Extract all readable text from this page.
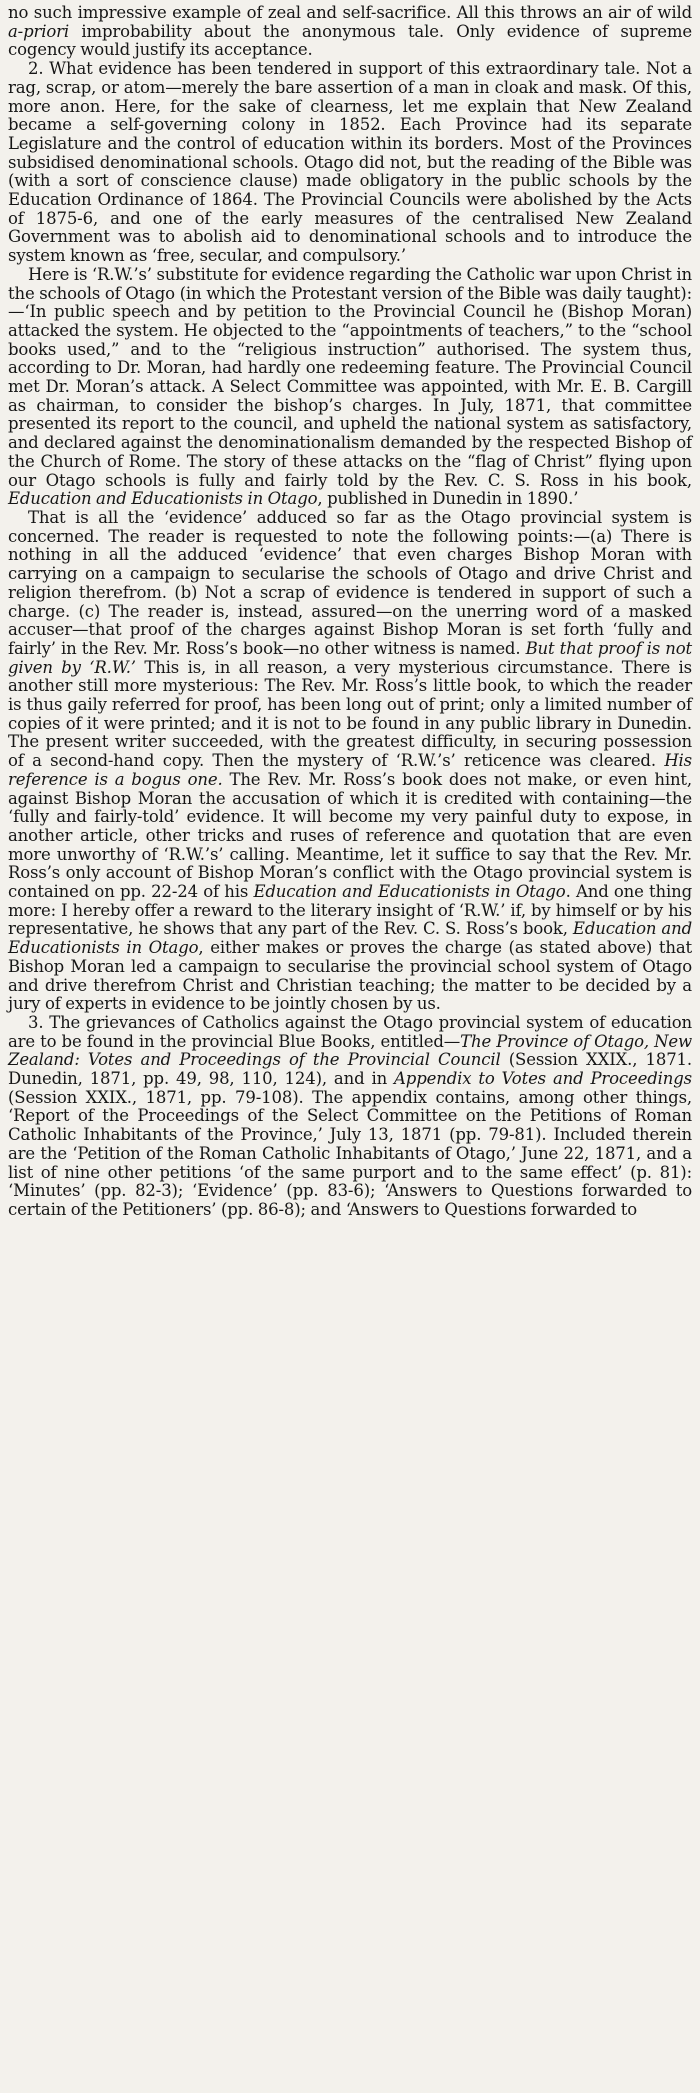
no such impressive example of zeal and self-sacrifice. All this throws an air of wild a-priori improbability about the anonymous tale. Only evidence of supreme cogency would justify its acceptance.

2. What evidence has been tendered in support of this extraordinary tale. Not a rag, scrap, or atom—merely the bare assertion of a man in cloak and mask. Of this, more anon. Here, for the sake of clearness, let me explain that New Zealand became a self-governing colony in 1852. Each Province had its separate Legislature and the control of education within its borders. Most of the Provinces subsidised denominational schools. Otago did not, but the reading of the Bible was (with a sort of conscience clause) made obligatory in the public schools by the Education Ordinance of 1864. The Provincial Councils were abolished by the Acts of 1875-6, and one of the early measures of the centralised New Zealand Government was to abolish aid to denominational schools and to introduce the system known as ‘free, secular, and compulsory.’

Here is ‘R.W.’s’ substitute for evidence regarding the Catholic war upon Christ in the schools of Otago (in which the Protestant version of the Bible was daily taught):—‘In public speech and by petition to the Provincial Council he (Bishop Moran) attacked the system. He objected to the “appointments of teachers,” to the “school books used,” and to the “religious instruction” authorised. The system thus, according to Dr. Moran, had hardly one redeeming feature. The Provincial Council met Dr. Moran’s attack. A Select Committee was appointed, with Mr. E. B. Cargill as chairman, to consider the bishop’s charges. In July, 1871, that committee presented its report to the council, and upheld the national system as satisfactory, and declared against the denominationalism demanded by the respected Bishop of the Church of Rome. The story of these attacks on the “flag of Christ” flying upon our Otago schools is fully and fairly told by the Rev. C. S. Ross in his book, Education and Educationists in Otago, published in Dunedin in 1890.’

That is all the ‘evidence’ adduced so far as the Otago provincial system is concerned. The reader is requested to note the following points:—(a) There is nothing in all the adduced ‘evidence’ that even charges Bishop Moran with carrying on a campaign to secularise the schools of Otago and drive Christ and religion therefrom. (b) Not a scrap of evidence is tendered in support of such a charge. (c) The reader is, instead, assured—on the unerring word of a masked accuser—that proof of the charges against Bishop Moran is set forth ‘fully and fairly’ in the Rev. Mr. Ross’s book—no other witness is named. But that proof is not given by ‘R.W.’ This is, in all reason, a very mysterious circumstance. There is another still more mysterious: The Rev. Mr. Ross’s little book, to which the reader is thus gaily referred for proof, has been long out of print; only a limited number of copies of it were printed; and it is not to be found in any public library in Dunedin. The present writer succeeded, with the greatest difficulty, in securing possession of a second-hand copy. Then the mystery of ‘R.W.’s’ reticence was cleared. His reference is a bogus one. The Rev. Mr. Ross’s book does not make, or even hint, against Bishop Moran the accusation of which it is credited with containing—the ‘fully and fairly-told’ evidence. It will become my very painful duty to expose, in another article, other tricks and ruses of reference and quotation that are even more unworthy of ‘R.W.’s’ calling. Meantime, let it suffice to say that the Rev. Mr. Ross’s only account of Bishop Moran’s conflict with the Otago provincial system is contained on pp. 22-24 of his Education and Educationists in Otago. And one thing more: I hereby offer a reward to the literary insight of ‘R.W.’ if, by himself or by his representative, he shows that any part of the Rev. C. S. Ross’s book, Education and Educationists in Otago, either makes or proves the charge (as stated above) that Bishop Moran led a campaign to secularise the provincial school system of Otago and drive therefrom Christ and Christian teaching; the matter to be decided by a jury of experts in evidence to be jointly chosen by us.

3. The grievances of Catholics against the Otago provincial system of education are to be found in the provincial Blue Books, entitled—The Province of Otago, New Zealand: Votes and Proceedings of the Provincial Council (Session XXIX., 1871. Dunedin, 1871, pp. 49, 98, 110, 124), and in Appendix to Votes and Proceedings (Session XXIX., 1871, pp. 79-108). The appendix contains, among other things, ‘Report of the Proceedings of the Select Committee on the Petitions of Roman Catholic Inhabitants of the Province,’ July 13, 1871 (pp. 79-81). Included therein are the ‘Petition of the Roman Catholic Inhabitants of Otago,’ June 22, 1871, and a list of nine other petitions ‘of the same purport and to the same effect’ (p. 81): ‘Minutes’ (pp. 82-3); ‘Evidence’ (pp. 83-6); ‘Answers to Questions forwarded to certain of the Petitioners’ (pp. 86-8); and ‘Answers to Questions forwarded to
